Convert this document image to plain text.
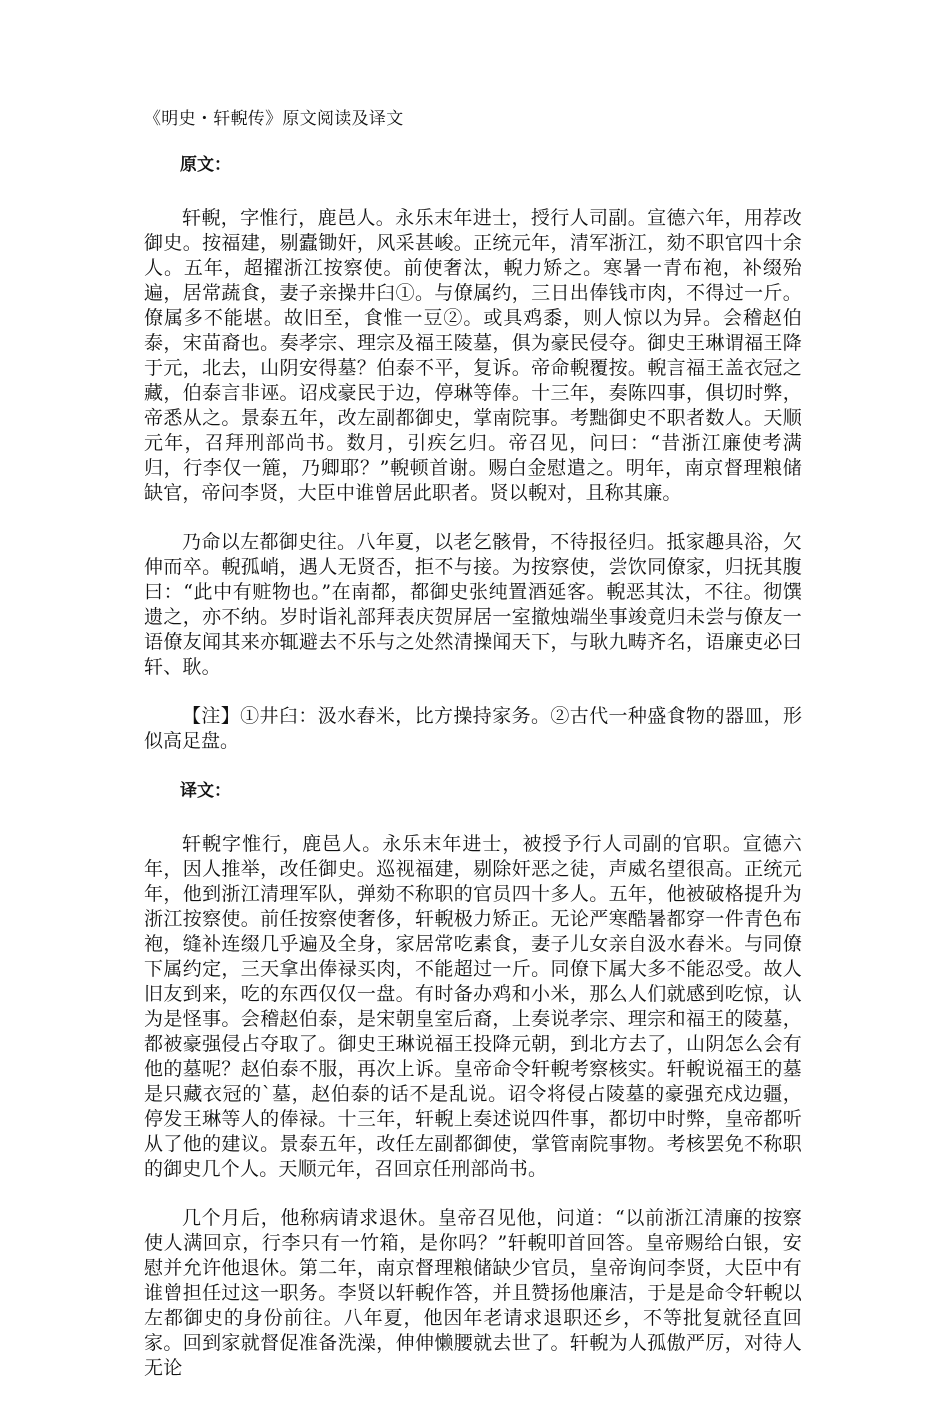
《明史・轩輗传》原文阅读及译文
原文：

轩輗，字惟行，鹿邑人。永乐末年进士，授行人司副。宣德六年，用荐改御史。按福建，剔蠹锄奸，风采甚峻。正统元年，清军浙江，劾不职官四十余人。五年，超擢浙江按察使。前使奢汰，輗力矫之。寒暑一青布袍，补缀殆遍，居常蔬食，妻子亲操井臼①。与僚属约，三日出俸钱市肉，不得过一斤。僚属多不能堪。故旧至，食惟一豆②。或具鸡黍，则人惊以为异。会稽赵伯泰，宋苗裔也。奏孝宗、理宗及福王陵墓，俱为豪民侵夺。御史王琳谓福王降于元，北去，山阴安得墓？伯泰不平，复诉。帝命輗覆按。輗言福王盖衣冠之藏，伯泰言非诬。诏戍豪民于边，停琳等俸。十三年，奏陈四事，俱切时弊，帝悉从之。景泰五年，改左副都御史，掌南院事。考黜御史不职者数人。天顺元年，召拜刑部尚书。数月，引疾乞归。帝召见，问曰：“昔浙江廉使考满归，行李仅一簏，乃卿耶？”輗顿首谢。赐白金慰遣之。明年，南京督理粮储缺官，帝问李贤，大臣中谁曾居此职者。贤以輗对，且称其廉。

乃命以左都御史往。八年夏，以老乞骸骨，不待报径归。抵家趣具浴，欠伸而卒。輗孤峭，遇人无贤否，拒不与接。为按察使，尝饮同僚家，归抚其腹曰：“此中有赃物也。”在南都，都御史张纯置酒延客。輗恶其汰，不往。彻馔遗之，亦不纳。岁时诣礼部拜表庆贺屏居一室撤烛端坐事竣竟归未尝与僚友一语僚友闻其来亦辄避去不乐与之处然清操闻天下，与耿九畴齐名，语廉吏必曰轩、耿。

【注】①井臼：汲水舂米，比方操持家务。②古代一种盛食物的器皿，形似高足盘。

译文：

轩輗字惟行，鹿邑人。永乐末年进士，被授予行人司副的官职。宣德六年，因人推举，改任御史。巡视福建，剔除奸恶之徒，声威名望很高。正统元年，他到浙江清理军队，弹劾不称职的官员四十多人。五年，他被破格提升为浙江按察使。前任按察使奢侈，轩輗极力矫正。无论严寒酷暑都穿一件青色布袍，缝补连缀几乎遍及全身，家居常吃素食，妻子儿女亲自汲水舂米。与同僚下属约定，三天拿出俸禄买肉，不能超过一斤。同僚下属大多不能忍受。故人旧友到来，吃的东西仅仅一盘。有时备办鸡和小米，那么人们就感到吃惊，认为是怪事。会稽赵伯泰，是宋朝皇室后裔，上奏说孝宗、理宗和福王的陵墓，都被豪强侵占夺取了。御史王琳说福王投降元朝，到北方去了，山阴怎么会有他的墓呢？赵伯泰不服，再次上诉。皇帝命令轩輗考察核实。轩輗说福王的墓是只藏衣冠的`墓，赵伯泰的话不是乱说。诏令将侵占陵墓的豪强充戍边疆，停发王琳等人的俸禄。十三年，轩輗上奏述说四件事，都切中时弊，皇帝都听从了他的建议。景泰五年，改任左副都御使，掌管南院事物。考核罢免不称职的御史几个人。天顺元年，召回京任刑部尚书。

几个月后，他称病请求退休。皇帝召见他，问道：“以前浙江清廉的按察使人满回京，行李只有一竹箱，是你吗？”轩輗叩首回答。皇帝赐给白银，安慰并允许他退休。第二年，南京督理粮储缺少官员，皇帝询问李贤，大臣中有谁曾担任过这一职务。李贤以轩輗作答，并且赞扬他廉洁，于是是命令轩輗以左都御史的身份前往。八年夏，他因年老请求退职还乡，不等批复就径直回家。回到家就督促准备洗澡，伸伸懒腰就去世了。轩輗为人孤傲严厉，对待人无论
